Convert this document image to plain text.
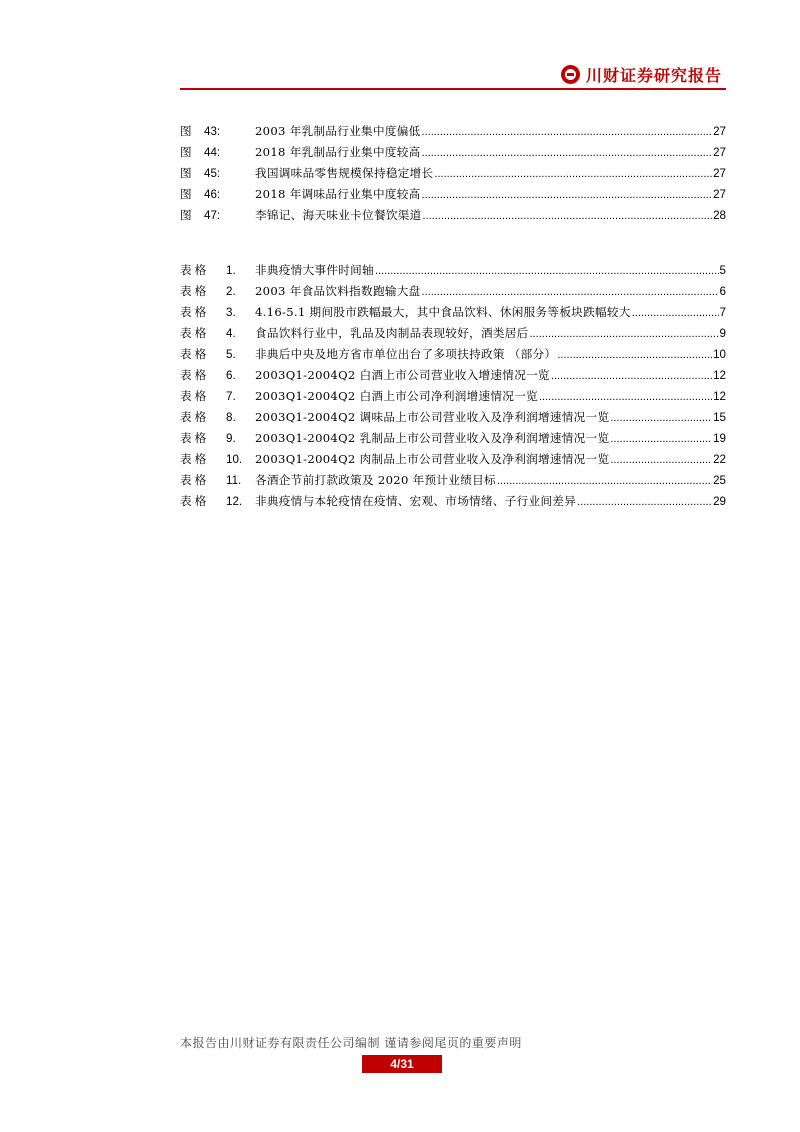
川财证券研究报告
图 43:	2003 年乳制品行业集中度偏低 .....	27
图 44:	2018 年乳制品行业集中度较高 .....	27
图 45:	我国调味品零售规模保持稳定增长 .....	27
图 46:	2018 年调味品行业集中度较高 .....	27
图 47:	李锦记、海天味业卡位餐饮渠道 .....	28
表格	1.	非典疫情大事件时间轴 .....	5
表格	2.	2003 年食品饮料指数跑输大盘 .....	6
表格	3.	4.16-5.1 期间股市跌幅最大，其中食品饮料、休闲服务等板块跌幅较大 .....	7
表格	4.	食品饮料行业中，乳品及肉制品表现较好，酒类居后 .....	9
表格	5.	非典后中央及地方省市单位出台了多项扶持政策 （部分） .....	10
表格	6.	2003Q1-2004Q2 白酒上市公司营业收入增速情况一览 .....	12
表格	7.	2003Q1-2004Q2 白酒上市公司净利润增速情况一览 .....	12
表格	8.	2003Q1-2004Q2 调味品上市公司营业收入及净利润增速情况一览 .....	15
表格	9.	2003Q1-2004Q2 乳制品上市公司营业收入及净利润增速情况一览 .....	19
表格	10.	2003Q1-2004Q2 肉制品上市公司营业收入及净利润增速情况一览 .....	22
表格	11.	各酒企节前打款政策及 2020 年预计业绩目标 .....	25
表格	12.	非典疫情与本轮疫情在疫情、宏观、市场情绪、子行业间差异 .....	29
本报告由川财证券有限责任公司编制 谨请参阅尾页的重要声明
4/31
